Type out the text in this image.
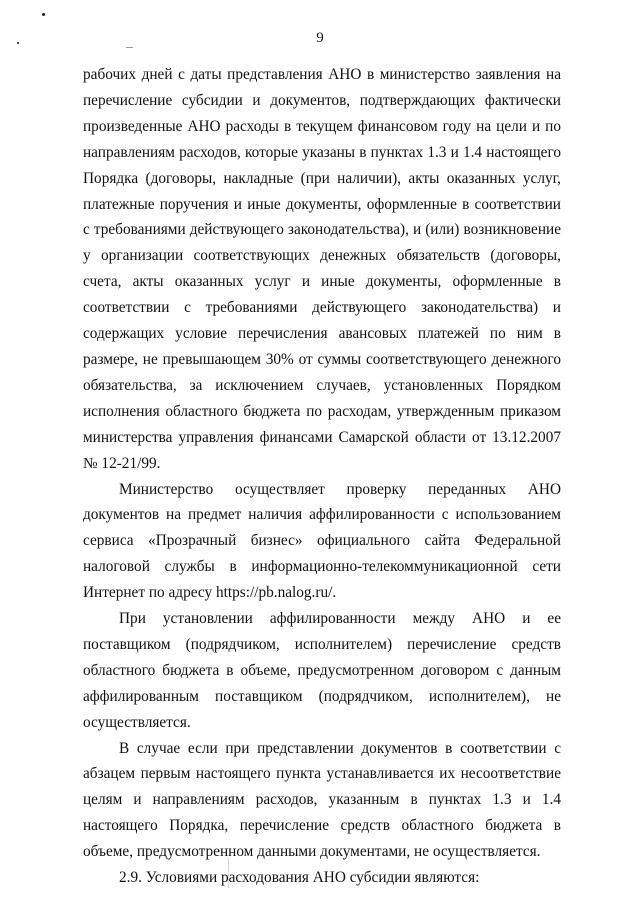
9

рабочих дней с даты представления АНО в министерство заявления на перечисление субсидии и документов, подтверждающих фактически произведенные АНО расходы в текущем финансовом году на цели и по направлениям расходов, которые указаны в пунктах 1.3 и 1.4 настоящего Порядка (договоры, накладные (при наличии), акты оказанных услуг, платежные поручения и иные документы, оформленные в соответствии с требованиями действующего законодательства), и (или) возникновение у организации соответствующих денежных обязательств (договоры, счета, акты оказанных услуг и иные документы, оформленные в соответствии с требованиями действующего законодательства) и содержащих условие перечисления авансовых платежей по ним в размере, не превышающем 30% от суммы соответствующего денежного обязательства, за исключением случаев, установленных Порядком исполнения областного бюджета по расходам, утвержденным приказом министерства управления финансами Самарской области от 13.12.2007 № 12-21/99.

Министерство осуществляет проверку переданных АНО документов на предмет наличия аффилированности с использованием сервиса «Прозрачный бизнес» официального сайта Федеральной налоговой службы в информационно-телекоммуникационной сети Интернет по адресу https://pb.nalog.ru/.

При установлении аффилированности между АНО и ее поставщиком (подрядчиком, исполнителем) перечисление средств областного бюджета в объеме, предусмотренном договором с данным аффилированным поставщиком (подрядчиком, исполнителем), не осуществляется.

В случае если при представлении документов в соответствии с абзацем первым настоящего пункта устанавливается их несоответствие целям и направлениям расходов, указанным в пунктах 1.3 и 1.4 настоящего Порядка, перечисление средств областного бюджета в объеме, предусмотренном данными документами, не осуществляется.

2.9. Условиями расходования АНО субсидии являются:
